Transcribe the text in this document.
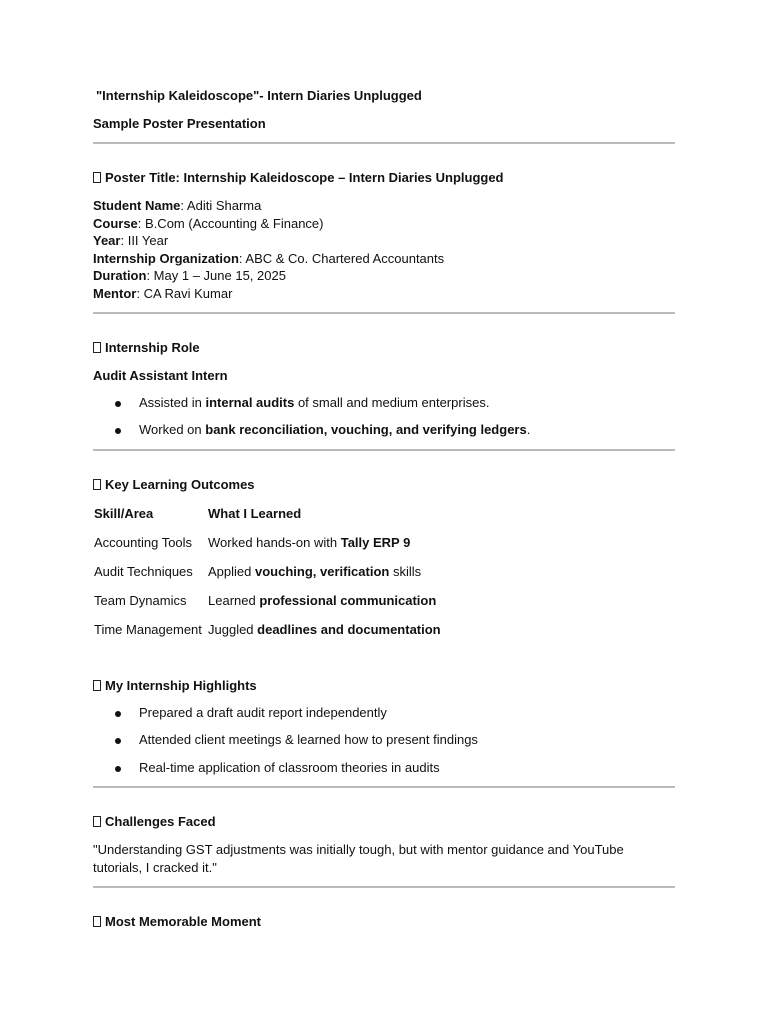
"Internship Kaleidoscope"- Intern Diaries Unplugged
Sample Poster Presentation
Poster Title: Internship Kaleidoscope – Intern Diaries Unplugged
Student Name: Aditi Sharma
Course: B.Com (Accounting & Finance)
Year: III Year
Internship Organization: ABC & Co. Chartered Accountants
Duration: May 1 – June 15, 2025
Mentor: CA Ravi Kumar
Internship Role
Audit Assistant Intern
Assisted in internal audits of small and medium enterprises.
Worked on bank reconciliation, vouching, and verifying ledgers.
Key Learning Outcomes
Skill/Area	What I Learned
Accounting Tools Worked hands-on with Tally ERP 9
Audit Techniques Applied vouching, verification skills
Team Dynamics Learned professional communication
Time Management Juggled deadlines and documentation
My Internship Highlights
Prepared a draft audit report independently
Attended client meetings & learned how to present findings
Real-time application of classroom theories in audits
Challenges Faced
"Understanding GST adjustments was initially tough, but with mentor guidance and YouTube tutorials, I cracked it."
Most Memorable Moment
